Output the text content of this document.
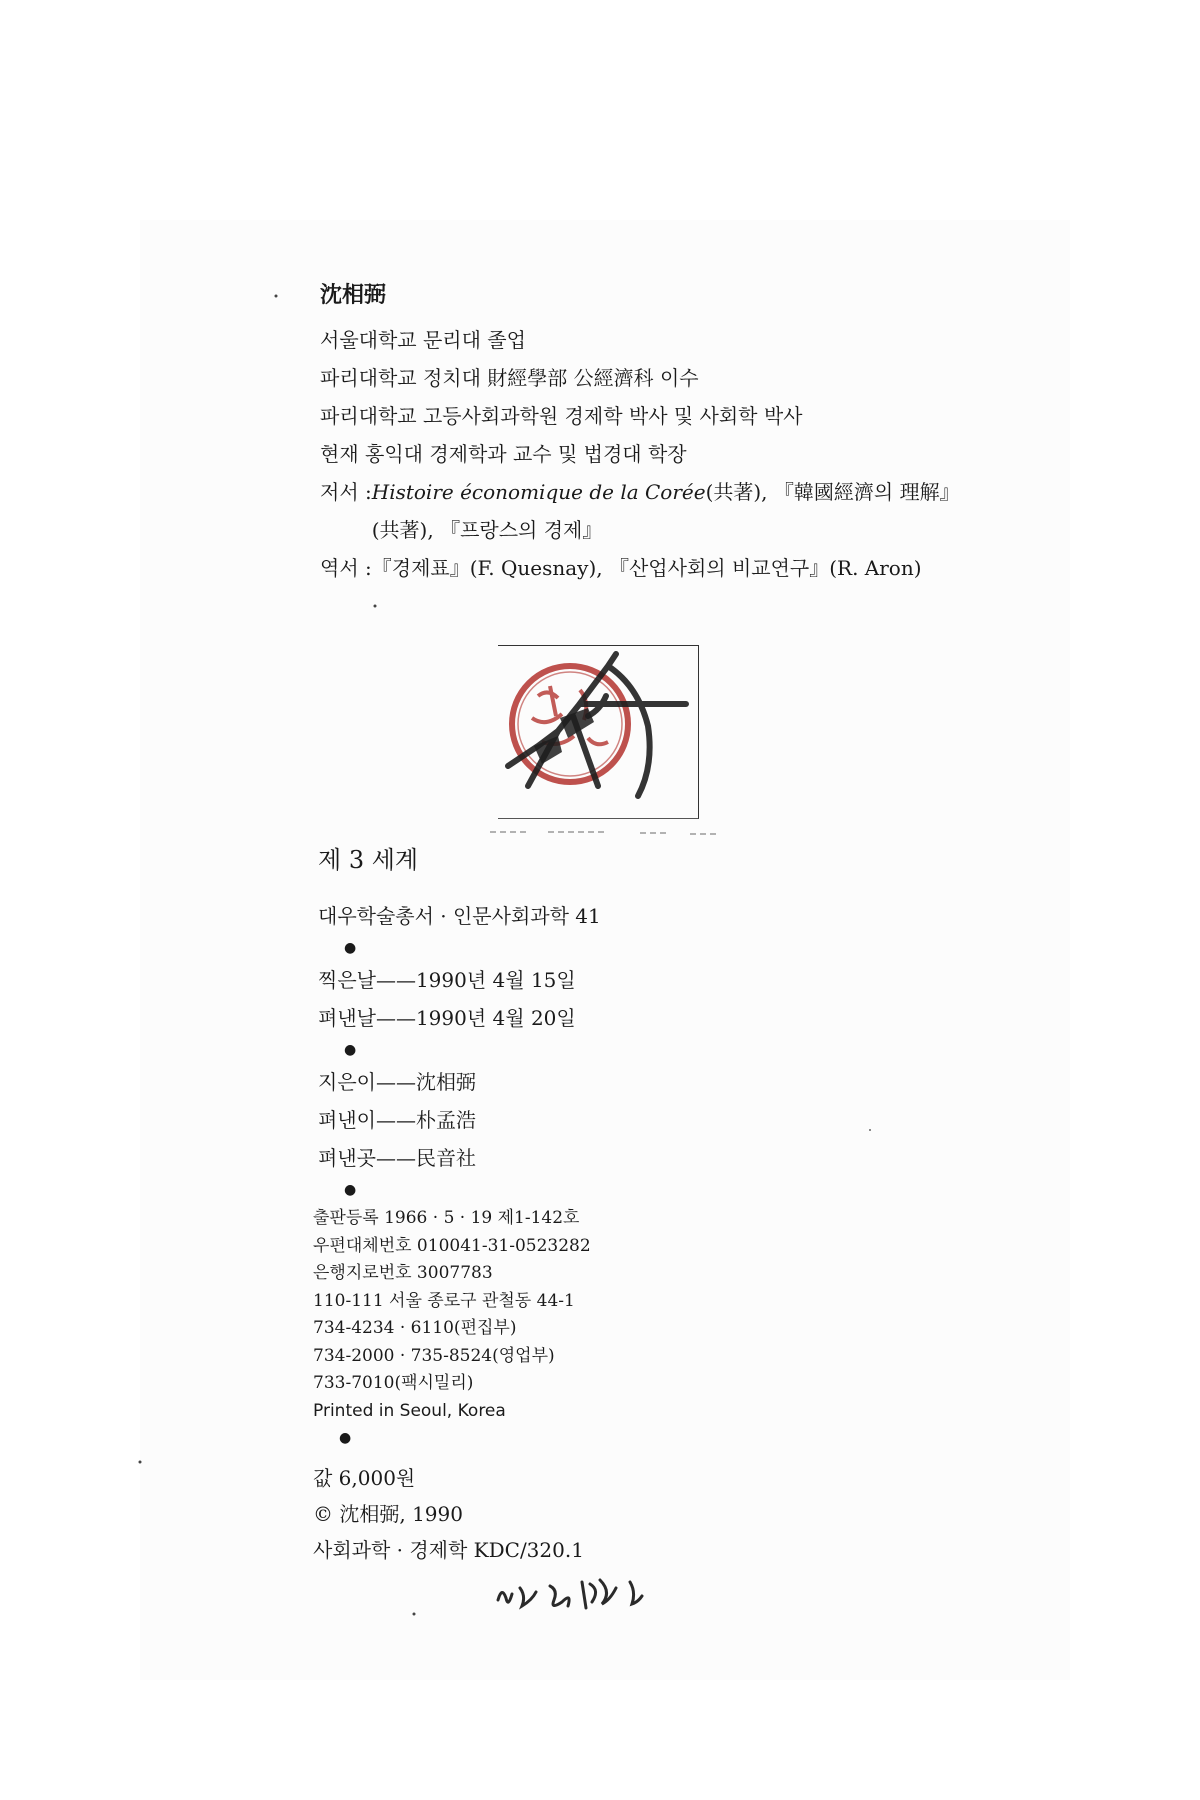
沈相弼
서울대학교 문리대 졸업
파리대학교 정치대 財經學部 公經濟科 이수
파리대학교 고등사회과학원 경제학 박사 및 사회학 박사
현재 홍익대 경제학과 교수 및 법경대 학장
저서 : Histoire économique de la Corée(共著), 『韓國經濟의 理解』(共著), 『프랑스의 경제』
역서 : 『경제표』(F. Quesnay), 『산업사회의 비교연구』(R. Aron)
제 3 세계
대우학술총서 · 인문사회과학 41
●
찍은날——1990년 4월 15일
펴낸날——1990년 4월 20일
●
지은이——沈相弼
펴낸이——朴孟浩
펴낸곳——民音社
●
출판등록 1966 · 5 · 19 제1-142호
우편대체번호 010041-31-0523282
은행지로번호 3007783
110-111 서울 종로구 관철동 44-1
734-4234 · 6110(편집부)
734-2000 · 735-8524(영업부)
733-7010(팩시밀리)
Printed in Seoul, Korea
●
값 6,000원
© 沈相弼, 1990
사회과학 · 경제학 KDC/320.1
